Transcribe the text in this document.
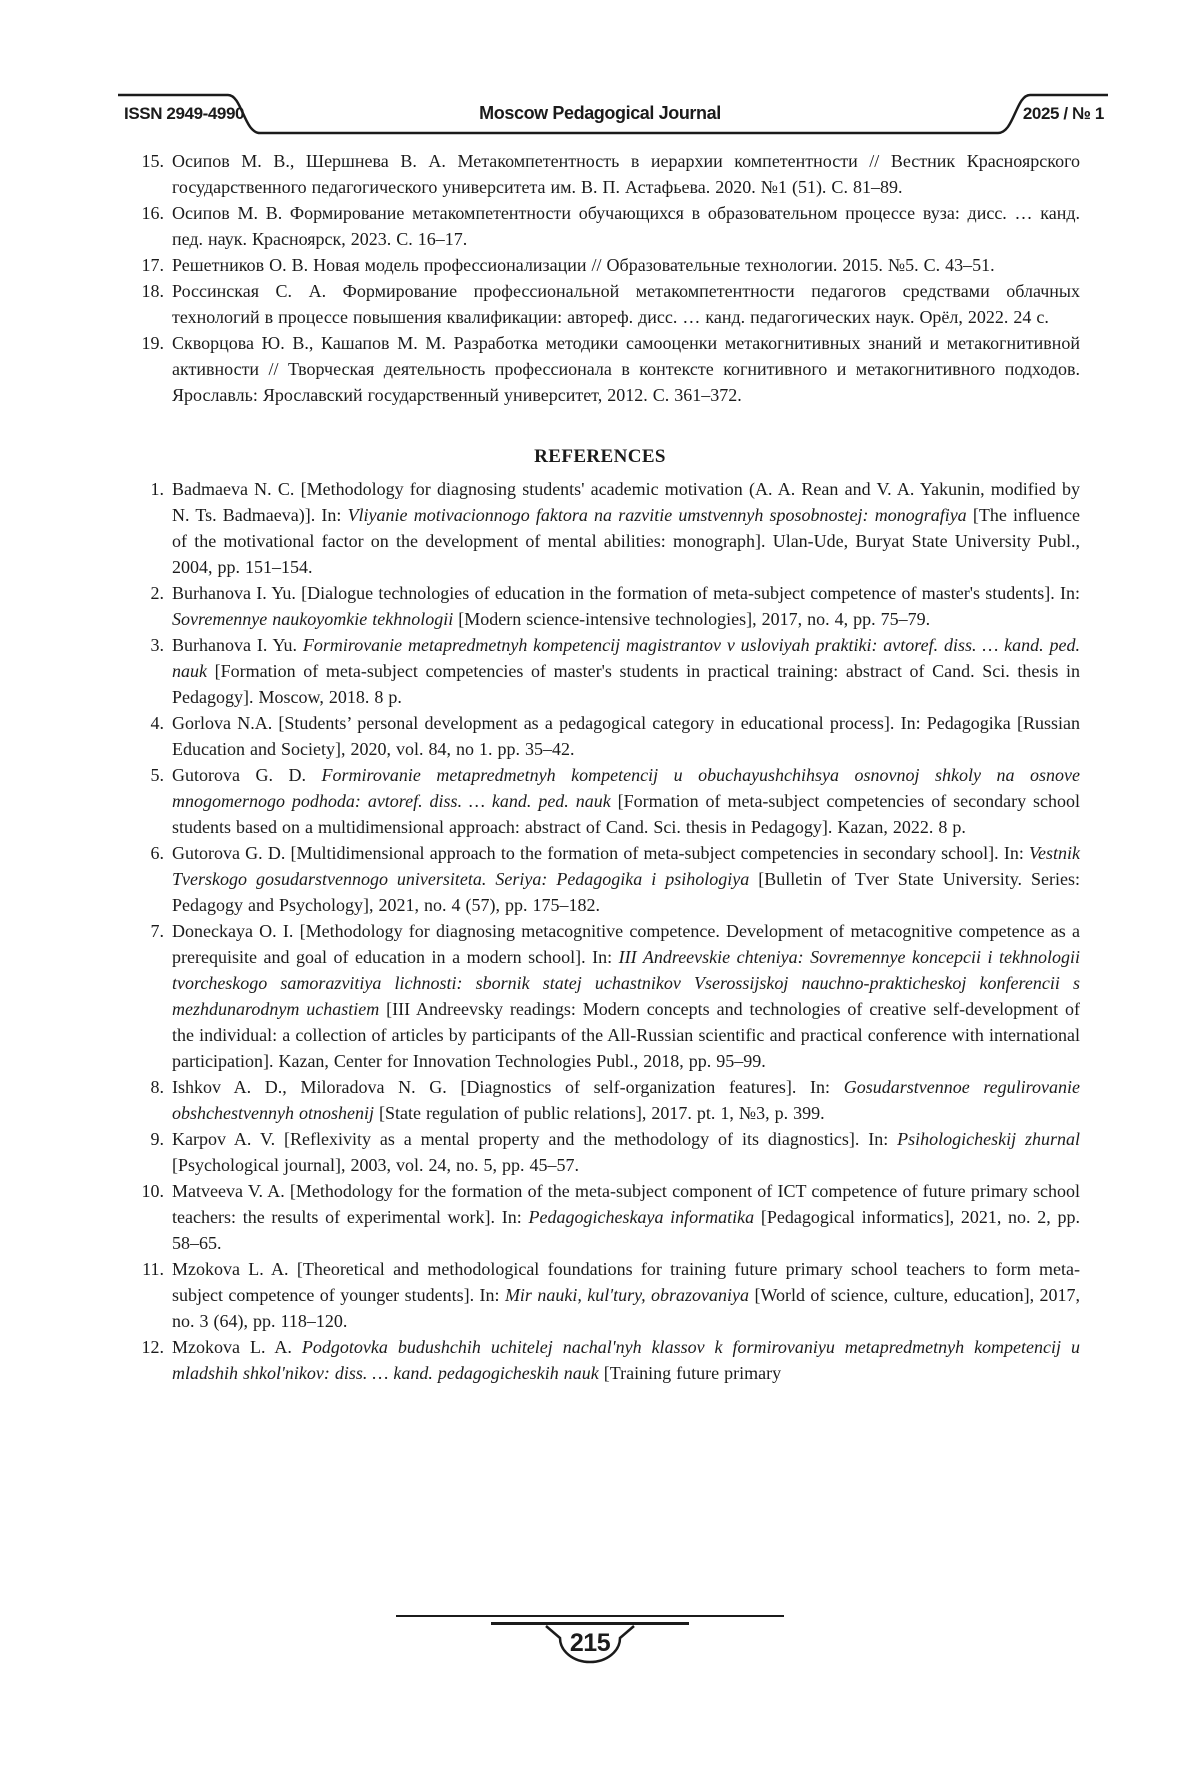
ISSN 2949-4990	Moscow Pedagogical Journal	2025 / № 1
15. Осипов М. В., Шершнева В. А. Метакомпетентность в иерархии компетентности // Вестник Красноярского государственного педагогического университета им. В. П. Астафьева. 2020. №1 (51). С. 81–89.
16. Осипов М. В. Формирование метакомпетентности обучающихся в образовательном процессе вуза: дисс. … канд. пед. наук. Красноярск, 2023. С. 16–17.
17. Решетников О. В. Новая модель профессионализации // Образовательные технологии. 2015. №5. С. 43–51.
18. Россинская С. А. Формирование профессиональной метакомпетентности педагогов средствами облачных технологий в процессе повышения квалификации: автореф. дисс. … канд. педагогических наук. Орёл, 2022. 24 с.
19. Скворцова Ю. В., Кашапов М. М. Разработка методики самооценки метакогнитивных знаний и метакогнитивной активности // Творческая деятельность профессионала в контексте когнитивного и метакогнитивного подходов. Ярославль: Ярославский государственный университет, 2012. С. 361–372.
REFERENCES
1. Badmaeva N. C. [Methodology for diagnosing students' academic motivation (A. A. Rean and V. A. Yakunin, modified by N. Ts. Badmaeva)]. In: Vliyanie motivacionnogo faktora na razvitie umstvennyh sposobnostej: monografiya [The influence of the motivational factor on the development of mental abilities: monograph]. Ulan-Ude, Buryat State University Publ., 2004, pp. 151–154.
2. Burhanova I. Yu. [Dialogue technologies of education in the formation of meta-subject competence of master's students]. In: Sovremennye naukoyomkie tekhnologii [Modern science-intensive technologies], 2017, no. 4, pp. 75–79.
3. Burhanova I. Yu. Formirovanie metapredmetnyh kompetencij magistrantov v usloviyah praktiki: avtoref. diss. … kand. ped. nauk [Formation of meta-subject competencies of master's students in practical training: abstract of Cand. Sci. thesis in Pedagogy]. Moscow, 2018. 8 p.
4. Gorlova N.A. [Students’ personal development as a pedagogical category in educational process]. In: Pedagogika [Russian Education and Society], 2020, vol. 84, no 1. pp. 35–42.
5. Gutorova G. D. Formirovanie metapredmetnyh kompetencij u obuchayushchihsya osnovnoj shkoly na osnove mnogomernogo podhoda: avtoref. diss. … kand. ped. nauk [Formation of meta-subject competencies of secondary school students based on a multidimensional approach: abstract of Cand. Sci. thesis in Pedagogy]. Kazan, 2022. 8 p.
6. Gutorova G. D. [Multidimensional approach to the formation of meta-subject competencies in secondary school]. In: Vestnik Tverskogo gosudarstvennogo universiteta. Seriya: Pedagogika i psihologiya [Bulletin of Tver State University. Series: Pedagogy and Psychology], 2021, no. 4 (57), pp. 175–182.
7. Doneckaya O. I. [Methodology for diagnosing metacognitive competence. Development of metacognitive competence as a prerequisite and goal of education in a modern school]. In: III Andreevskie chteniya: Sovremennye koncepcii i tekhnologii tvorcheskogo samorazvitiya lichnosti: sbornik statej uchastnikov Vserossijskoj nauchno-prakticheskoj konferencii s mezhdunarodnym uchastiem [III Andreevsky readings: Modern concepts and technologies of creative self-development of the individual: a collection of articles by participants of the All-Russian scientific and practical conference with international participation]. Kazan, Center for Innovation Technologies Publ., 2018, pp. 95–99.
8. Ishkov A. D., Miloradova N. G. [Diagnostics of self-organization features]. In: Gosudarstvennoe regulirovanie obshchestvennyh otnoshenij [State regulation of public relations], 2017. pt. 1, №3, p. 399.
9. Karpov A. V. [Reflexivity as a mental property and the methodology of its diagnostics]. In: Psihologicheskij zhurnal [Psychological journal], 2003, vol. 24, no. 5, pp. 45–57.
10. Matveeva V. A. [Methodology for the formation of the meta-subject component of ICT competence of future primary school teachers: the results of experimental work]. In: Pedagogicheskaya informatika [Pedagogical informatics], 2021, no. 2, pp. 58–65.
11. Mzokova L. A. [Theoretical and methodological foundations for training future primary school teachers to form meta-subject competence of younger students]. In: Mir nauki, kul'tury, obrazovaniya [World of science, culture, education], 2017, no. 3 (64), pp. 118–120.
12. Mzokova L. A. Podgotovka budushchih uchitelej nachal'nyh klassov k formirovaniyu metapredmetnyh kompetencij u mladshih shkol'nikov: diss. … kand. pedagogicheskih nauk [Training future primary
215
